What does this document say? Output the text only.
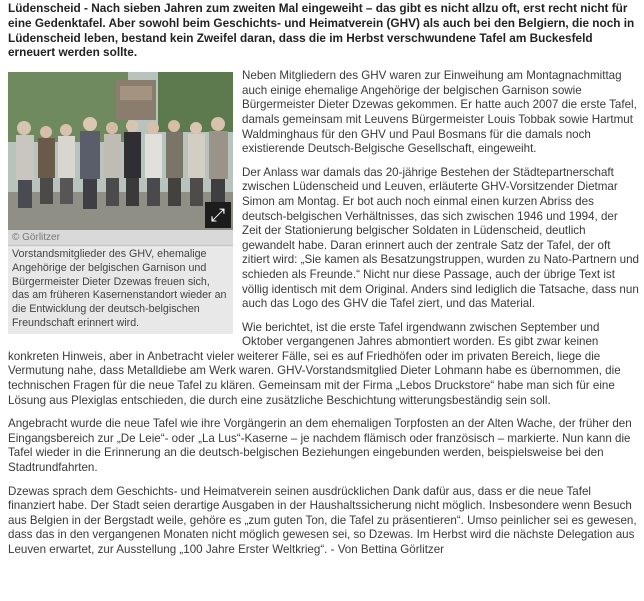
Lüdenscheid - Nach sieben Jahren zum zweiten Mal eingeweiht – das gibt es nicht allzu oft, erst recht nicht für eine Gedenktafel. Aber sowohl beim Geschichts- und Heimatverein (GHV) als auch bei den Belgiern, die noch in Lüdenscheid leben, bestand kein Zweifel daran, dass die im Herbst verschwundene Tafel am Buckesfeld erneuert werden sollte.
⤢
© Görlitzer
Vorstandsmitglieder des GHV, ehemalige Angehörige der belgischen Garnison und Bürgermeister Dieter Dzewas freuen sich, das am früheren Kasernenstandort wieder an die Entwicklung der deutsch-belgischen Freundschaft erinnert wird.

Neben Mitgliedern des GHV waren zur Einweihung am Montagnachmittag auch einige ehemalige Angehörige der belgischen Garnison sowie Bürgermeister Dieter Dzewas gekommen. Er hatte auch 2007 die erste Tafel, damals gemeinsam mit Leuvens Bürgermeister Louis Tobbak sowie Hartmut Waldminghaus für den GHV und Paul Bosmans für die damals noch existierende Deutsch-Belgische Gesellschaft, eingeweiht.

Der Anlass war damals das 20-jährige Bestehen der Städtepartnerschaft zwischen Lüdenscheid und Leuven, erläuterte GHV-Vorsitzender Dietmar Simon am Montag. Er bot auch noch einmal einen kurzen Abriss des deutsch-belgischen Verhältnisses, das sich zwischen 1946 und 1994, der Zeit der Stationierung belgischer Soldaten in Lüdenscheid, deutlich gewandelt habe. Daran erinnert auch der zentrale Satz der Tafel, der oft zitiert wird: „Sie kamen als Besatzungstruppen, wurden zu Nato-Partnern und schieden als Freunde.“ Nicht nur diese Passage, auch der übrige Text ist völlig identisch mit dem Original. Anders sind lediglich die Tatsache, dass nun auch das Logo des GHV die Tafel ziert, und das Material.

Wie berichtet, ist die erste Tafel irgendwann zwischen September und Oktober vergangenen Jahres abmontiert worden. Es gibt zwar keinen konkreten Hinweis, aber in Anbetracht vieler weiterer Fälle, sei es auf Friedhöfen oder im privaten Bereich, liege die Vermutung nahe, dass Metalldiebe am Werk waren. GHV-Vorstandsmitglied Dieter Lohmann habe es übernommen, die technischen Fragen für die neue Tafel zu klären. Gemeinsam mit der Firma „Lebos Druckstore“ habe man sich für eine Lösung aus Plexiglas entschieden, die durch eine zusätzliche Beschichtung witterungsbeständig sein soll.

Angebracht wurde die neue Tafel wie ihre Vorgängerin an dem ehemaligen Torpfosten an der Alten Wache, der früher den Eingangsbereich zur „De Leie“- oder „La Lus“-Kaserne – je nachdem flämisch oder französisch – markierte. Nun kann die Tafel wieder in die Erinnerung an die deutsch-belgischen Beziehungen eingebunden werden, beispielsweise bei den Stadtrundfahrten.

Dzewas sprach dem Geschichts- und Heimatverein seinen ausdrücklichen Dank dafür aus, dass er die neue Tafel finanziert habe. Der Stadt seien derartige Ausgaben in der Haushaltssicherung nicht möglich. Insbesondere wenn Besuch aus Belgien in der Bergstadt weile, gehöre es „zum guten Ton, die Tafel zu präsentieren“. Umso peinlicher sei es gewesen, dass das in den vergangenen Monaten nicht möglich gewesen sei, so Dzewas. Im Herbst wird die nächste Delegation aus Leuven erwartet, zur Ausstellung „100 Jahre Erster Weltkrieg“. - Von Bettina Görlitzer
